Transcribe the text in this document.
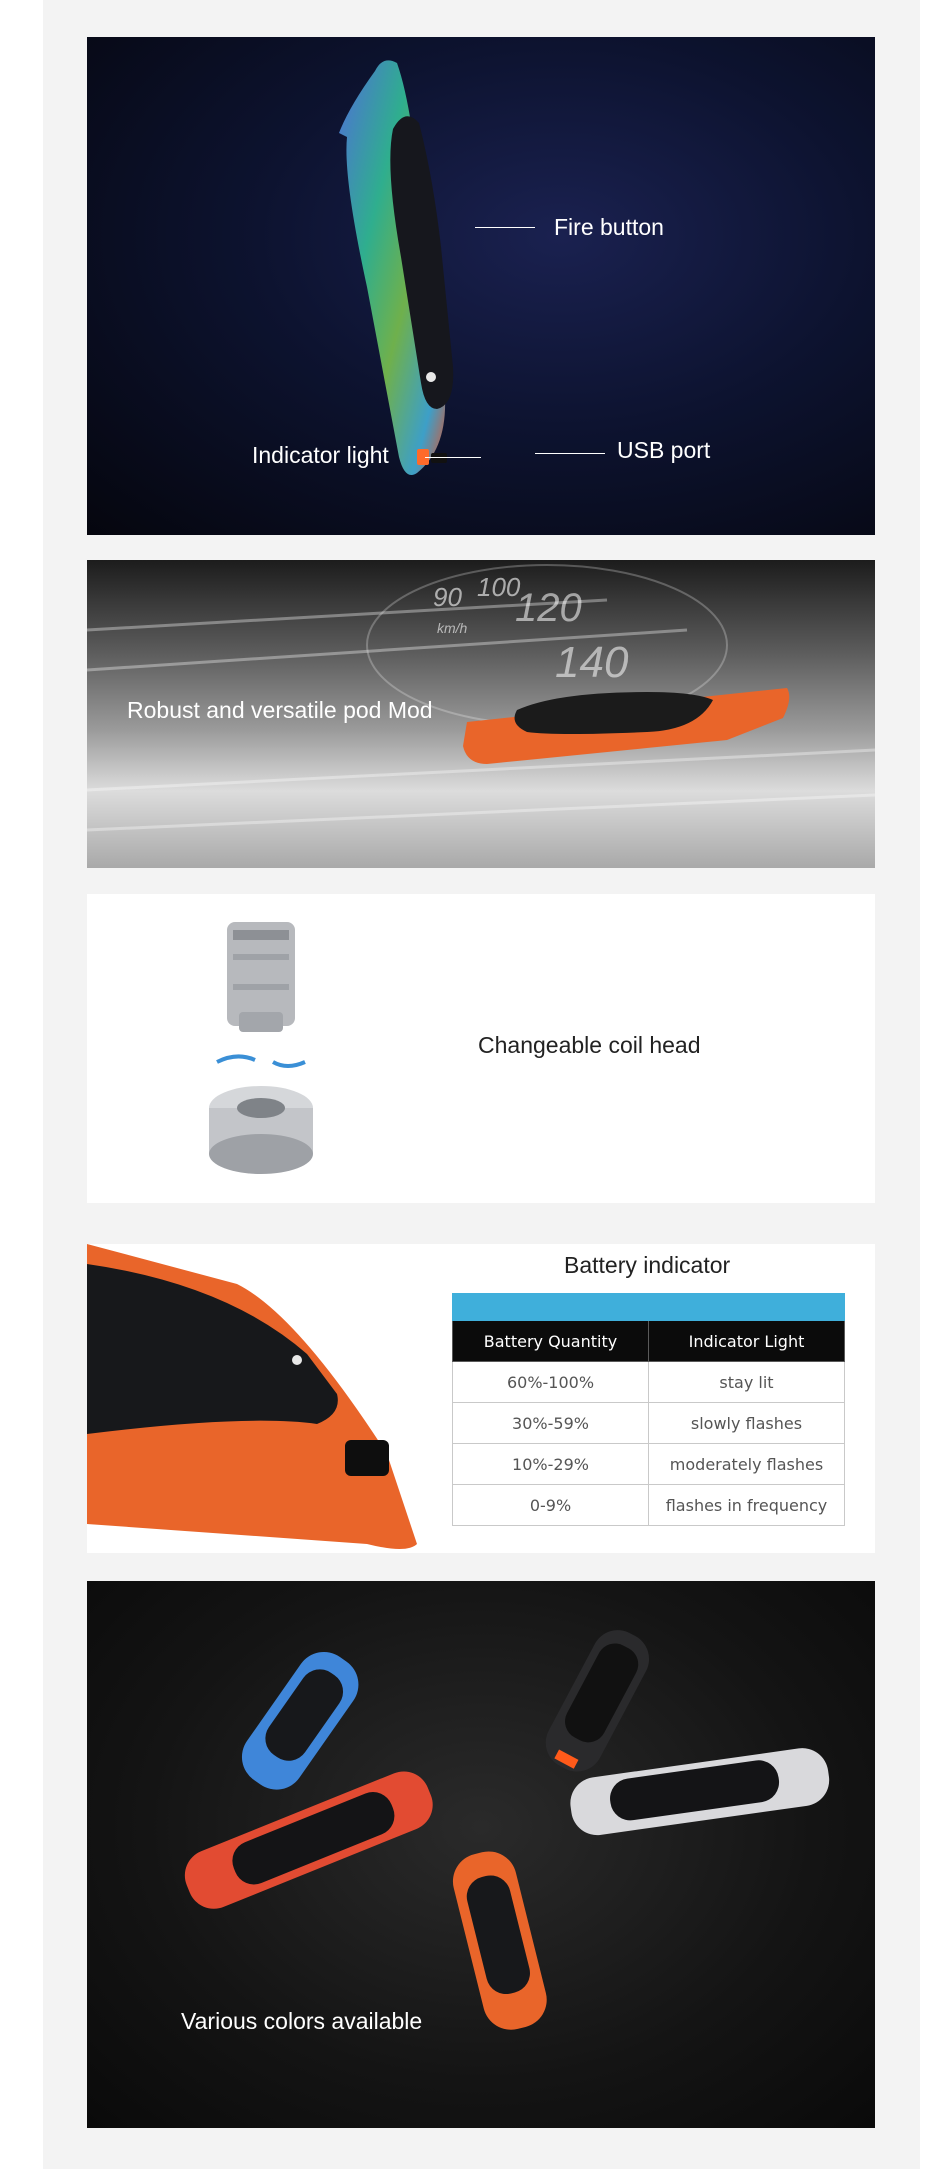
Fire button
Indicator light	USB port
90 100
120
140
km/h
Robust and versatile pod Mod
Changeable coil head
Battery indicator

Battery Quantity	Indicator Light
60%-100%	stay lit
30%-59%	slowly flashes
10%-29%	moderately flashes
0-9%	flashes in frequency
Various colors available
